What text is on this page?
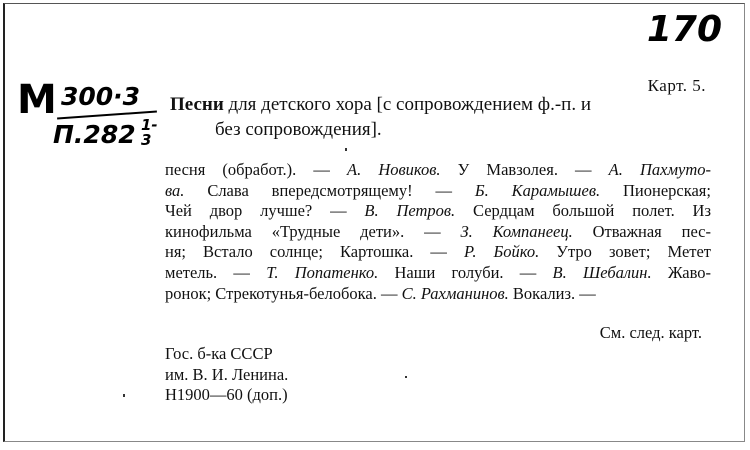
170
М 300·3
П.282 1-3
Карт. 5.

Песни для детского хора [с сопровождением ф.-п. и
без сопровождения].

песня (обработ.). — А. Новиков. У Мавзолея. — А. Пахмуто-
ва. Слава впередсмотрящему! — Б. Карамышев. Пионерская;
Чей двор лучше? — В. Петров. Сердцам большой полет. Из
кинофильма «Трудные дети». — З. Компанеец. Отважная пес-
ня; Встало солнце; Картошка. — Р. Бойко. Утро зовет; Метет
метель. — Т. Попатенко. Наши голуби. — В. Шебалин. Жаво-
ронок; Стрекотунья-белобока. — С. Рахманинов. Вокализ. —
См. след. карт.
Гос. б-ка СССР
им. В. И. Ленина.
Н1900—60 (доп.)
